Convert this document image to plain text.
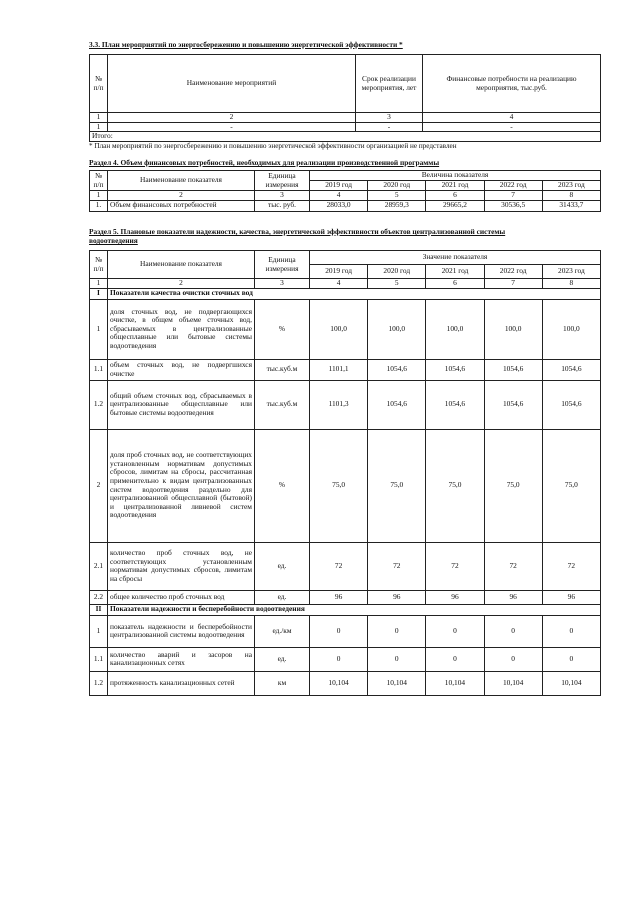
3.3. План мероприятий по энергосбережению и повышению энергетической эффективности *

№ п/п	Наименование мероприятий	Срок реализации мероприятия, лет	Финансовые потребности на реализацию мероприятия, тыс.руб.
1	2	3	4
1	-	-	-
Итого:			

* План мероприятий по энергосбережению и повышению энергетической эффективности организацией не представлен

Раздел 4. Объем финансовых потребностей, необходимых для реализации производственной программы

№ п/п	Наименование показателя	Единица измерения	Величина показателя				
			2019 год	2020 год	2021 год	2022 год	2023 год
1	2	3	4	5	6	7	8
1.	Объем финансовых потребностей	тыс. руб.	28033,0	28959,3	29665,2	30536,5	31433,7

Раздел 5. Плановые показатели надежности, качества, энергетической эффективности объектов централизованной системы

водоотведения

№ п/п	Наименование показателя	Единица измерения	Значение показателя				
			2019 год	2020 год	2021 год	2022 год	2023 год
1	2	3	4	5	6	7	8
I	Показатели качества очистки сточных вод						
1	доля сточных вод, не подвергающихся очистке, в общем объеме сточных вод, сбрасываемых в централизованные общесплавные или бытовые системы водоотведения	%	100,0	100,0	100,0	100,0	100,0
1.1	объем сточных вод, не подвергшихся очистке	тыс.куб.м	1101,1	1054,6	1054,6	1054,6	1054,6
1.2	общий объем сточных вод, сбрасываемых в централизованные общесплавные или бытовые системы водоотведения	тыс.куб.м	1101,3	1054,6	1054,6	1054,6	1054,6
2	доля проб сточных вод, не соответствующих установленным нормативам допустимых сбросов, лимитам на сбросы, рассчитанная применительно к видам централизованных систем водоотведения раздельно для централизованной общесплавной (бытовой) и централизованной ливневой систем водоотведения	%	75,0	75,0	75,0	75,0	75,0
2.1	количество проб сточных вод, не соответствующих установленным нормативам допустимых сбросов, лимитам на сбросы	ед.	72	72	72	72	72
2.2	общее количество проб сточных вод	ед.	96	96	96	96	96
II	Показатели надежности и бесперебойности водоотведения						
1	показатель надежности и бесперебойности централизованной системы водоотведения	ед./км	0	0	0	0	0
1.1	количество аварий и засоров на канализационных сетях	ед.	0	0	0	0	0
1.2	протяженность канализационных сетей	км	10,104	10,104	10,104	10,104	10,104
